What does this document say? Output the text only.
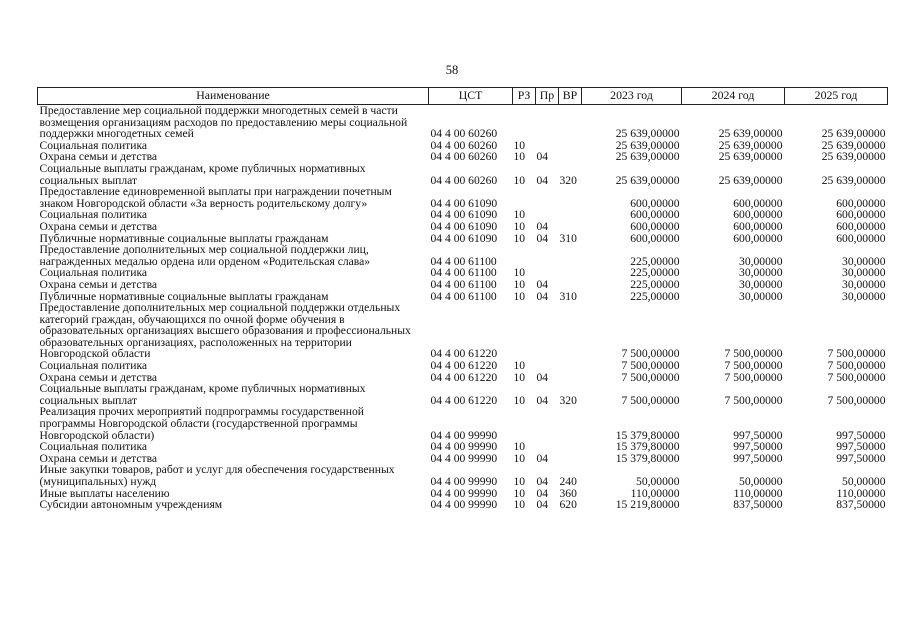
58
Наименование	ЦСТ	РЗ	Пр	ВР	2023 год	2024 год	2025 год
Предоставление мер социальной поддержки многодетных семей в части возмещения организациям расходов по предоставлению меры социальной поддержки многодетных семей	04 4 00 60260				25 639,00000	25 639,00000	25 639,00000
Социальная политика	04 4 00 60260	10			25 639,00000	25 639,00000	25 639,00000
Охрана семьи и детства	04 4 00 60260	10	04		25 639,00000	25 639,00000	25 639,00000
Социальные выплаты гражданам, кроме публичных нормативных социальных выплат	04 4 00 60260	10	04	320	25 639,00000	25 639,00000	25 639,00000
Предоставление единовременной выплаты при награждении почетным знаком Новгородской области «За верность родительскому долгу»	04 4 00 61090				600,00000	600,00000	600,00000
Социальная политика	04 4 00 61090	10			600,00000	600,00000	600,00000
Охрана семьи и детства	04 4 00 61090	10	04		600,00000	600,00000	600,00000
Публичные нормативные социальные выплаты гражданам	04 4 00 61090	10	04	310	600,00000	600,00000	600,00000
Предоставление дополнительных мер социальной поддержки лиц, награжденных медалью ордена или орденом «Родительская слава»	04 4 00 61100				225,00000	30,00000	30,00000
Социальная политика	04 4 00 61100	10			225,00000	30,00000	30,00000
Охрана семьи и детства	04 4 00 61100	10	04		225,00000	30,00000	30,00000
Публичные нормативные социальные выплаты гражданам	04 4 00 61100	10	04	310	225,00000	30,00000	30,00000
Предоставление дополнительных мер социальной поддержки отдельных категорий граждан, обучающихся по очной форме обучения в образовательных организациях высшего образования и профессиональных образовательных организациях, расположенных на территории Новгородской области	04 4 00 61220				7 500,00000	7 500,00000	7 500,00000
Социальная политика	04 4 00 61220	10			7 500,00000	7 500,00000	7 500,00000
Охрана семьи и детства	04 4 00 61220	10	04		7 500,00000	7 500,00000	7 500,00000
Социальные выплаты гражданам, кроме публичных нормативных социальных выплат	04 4 00 61220	10	04	320	7 500,00000	7 500,00000	7 500,00000
Реализация прочих мероприятий подпрограммы государственной программы Новгородской области (государственной программы Новгородской области)	04 4 00 99990				15 379,80000	997,50000	997,50000
Социальная политика	04 4 00 99990	10			15 379,80000	997,50000	997,50000
Охрана семьи и детства	04 4 00 99990	10	04		15 379,80000	997,50000	997,50000
Иные закупки товаров, работ и услуг для обеспечения государственных (муниципальных) нужд	04 4 00 99990	10	04	240	50,00000	50,00000	50,00000
Иные выплаты населению	04 4 00 99990	10	04	360	110,00000	110,00000	110,00000
Субсидии автономным учреждениям	04 4 00 99990	10	04	620	15 219,80000	837,50000	837,50000
